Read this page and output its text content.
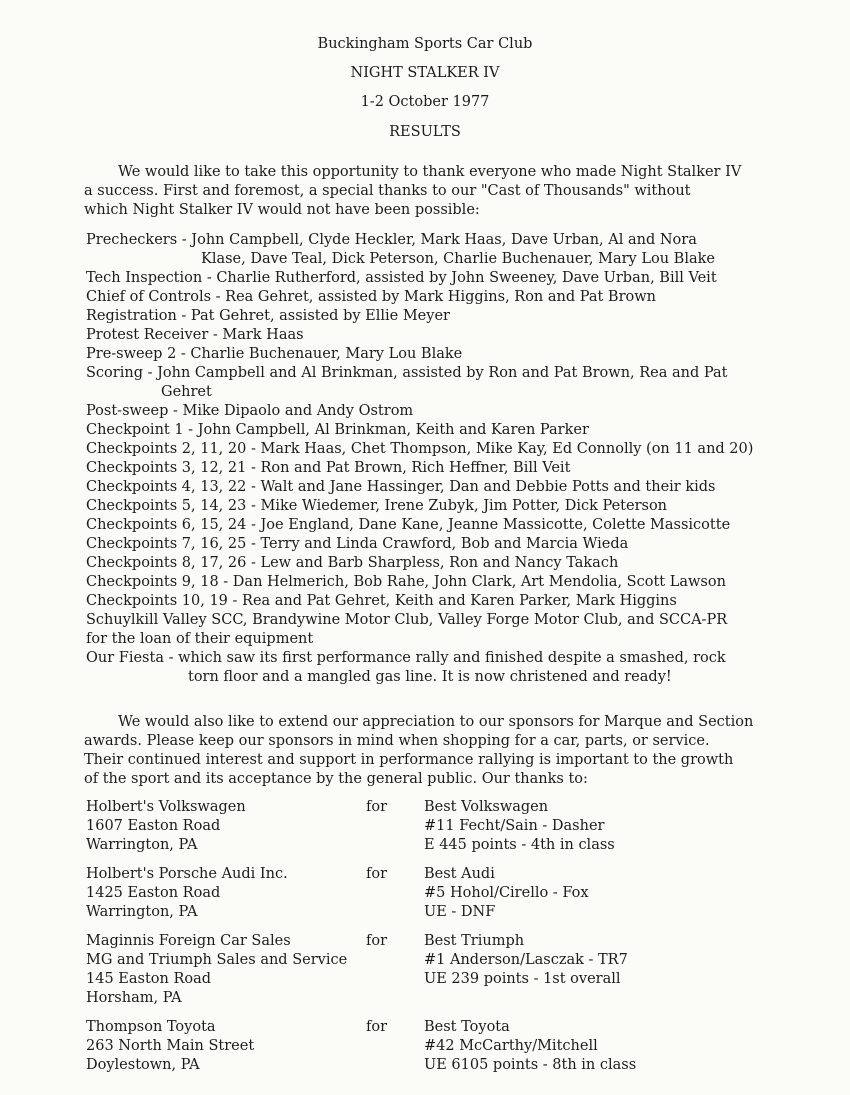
Buckingham Sports Car Club
NIGHT STALKER IV
1-2 October 1977
RESULTS
We would like to take this opportunity to thank everyone who made Night Stalker IV
a success. First and foremost, a special thanks to our "Cast of Thousands" without
which Night Stalker IV would not have been possible:
Precheckers - John Campbell, Clyde Heckler, Mark Haas, Dave Urban, Al and Nora
Klase, Dave Teal, Dick Peterson, Charlie Buchenauer, Mary Lou Blake
Tech Inspection - Charlie Rutherford, assisted by John Sweeney, Dave Urban, Bill Veit
Chief of Controls - Rea Gehret, assisted by Mark Higgins, Ron and Pat Brown
Registration - Pat Gehret, assisted by Ellie Meyer
Protest Receiver - Mark Haas
Pre-sweep 2 - Charlie Buchenauer, Mary Lou Blake
Scoring - John Campbell and Al Brinkman, assisted by Ron and Pat Brown, Rea and Pat
Gehret
Post-sweep - Mike Dipaolo and Andy Ostrom
Checkpoint 1 - John Campbell, Al Brinkman, Keith and Karen Parker
Checkpoints 2, 11, 20 - Mark Haas, Chet Thompson, Mike Kay, Ed Connolly (on 11 and 20)
Checkpoints 3, 12, 21 - Ron and Pat Brown, Rich Heffner, Bill Veit
Checkpoints 4, 13, 22 - Walt and Jane Hassinger, Dan and Debbie Potts and their kids
Checkpoints 5, 14, 23 - Mike Wiedemer, Irene Zubyk, Jim Potter, Dick Peterson
Checkpoints 6, 15, 24 - Joe England, Dane Kane, Jeanne Massicotte, Colette Massicotte
Checkpoints 7, 16, 25 - Terry and Linda Crawford, Bob and Marcia Wieda
Checkpoints 8, 17, 26 - Lew and Barb Sharpless, Ron and Nancy Takach
Checkpoints 9, 18 - Dan Helmerich, Bob Rahe, John Clark, Art Mendolia, Scott Lawson
Checkpoints 10, 19 - Rea and Pat Gehret, Keith and Karen Parker, Mark Higgins
Schuylkill Valley SCC, Brandywine Motor Club, Valley Forge Motor Club, and SCCA-PR
for the loan of their equipment
Our Fiesta - which saw its first performance rally and finished despite a smashed, rock
torn floor and a mangled gas line. It is now christened and ready!
We would also like to extend our appreciation to our sponsors for Marque and Section
awards. Please keep our sponsors in mind when shopping for a car, parts, or service.
Their continued interest and support in performance rallying is important to the growth
of the sport and its acceptance by the general public. Our thanks to:
Holbert's Volkswagen
1607 Easton Road
Warrington, PA
for	Best Volkswagen
#11 Fecht/Sain - Dasher
E 445 points - 4th in class
Holbert's Porsche Audi Inc.
1425 Easton Road
Warrington, PA
for	Best Audi
#5 Hohol/Cirello - Fox
UE - DNF
Maginnis Foreign Car Sales
MG and Triumph Sales and Service
145 Easton Road
Horsham, PA
for	Best Triumph
#1 Anderson/Lasczak - TR7
UE 239 points - 1st overall
Thompson Toyota
263 North Main Street
Doylestown, PA
for	Best Toyota
#42 McCarthy/Mitchell
UE 6105 points - 8th in class
